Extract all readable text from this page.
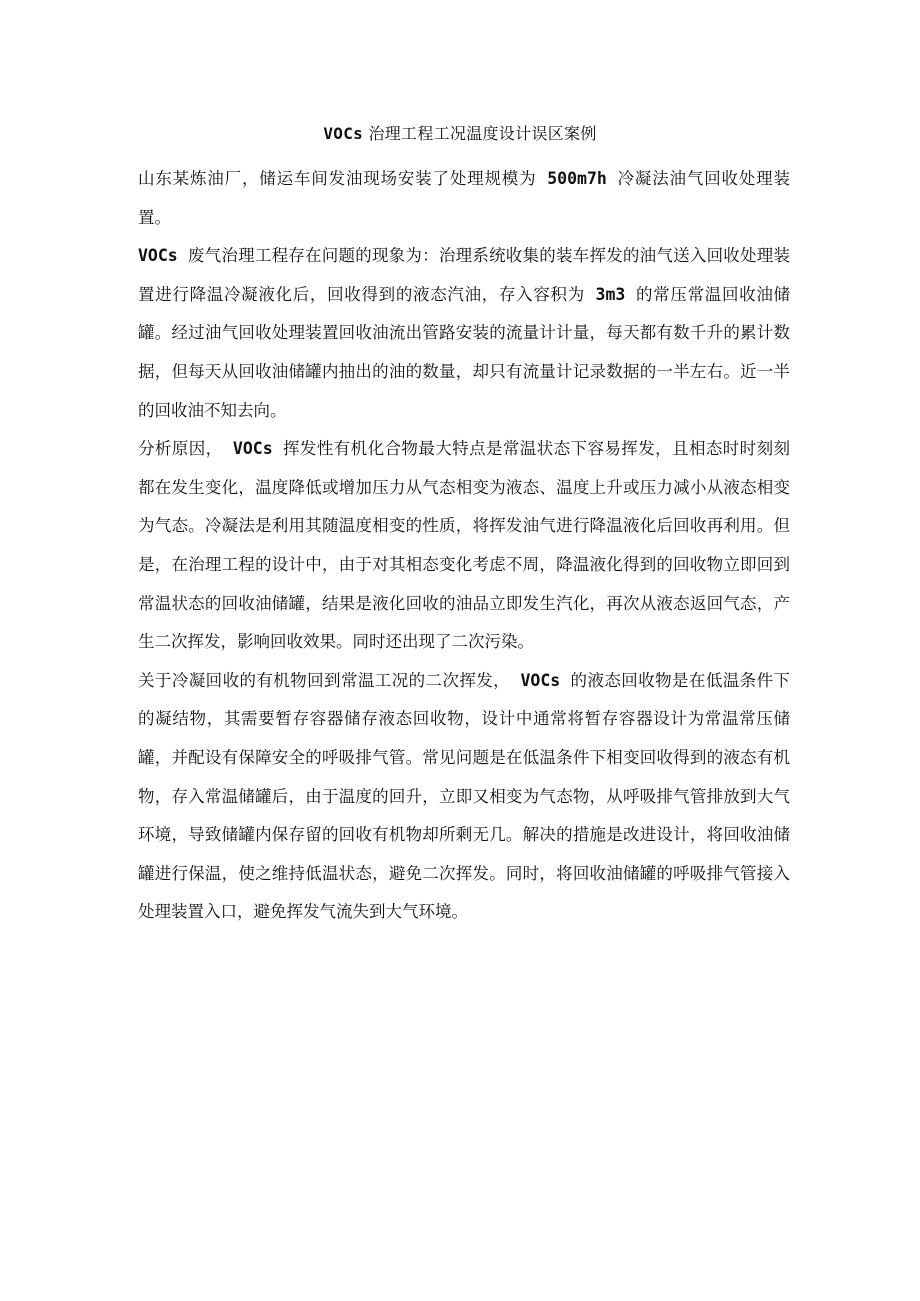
VOCs 治理工程工况温度设计误区案例

山东某炼油厂，储运车间发油现场安装了处理规模为 500m7h 冷凝法油气回收处理装置。

VOCs 废气治理工程存在问题的现象为：治理系统收集的装车挥发的油气送入回收处理装置进行降温冷凝液化后，回收得到的液态汽油，存入容积为 3m3 的常压常温回收油储罐。经过油气回收处理装置回收油流出管路安装的流量计计量，每天都有数千升的累计数据，但每天从回收油储罐内抽出的油的数量，却只有流量计记录数据的一半左右。近一半的回收油不知去向。

分析原因， VOCs 挥发性有机化合物最大特点是常温状态下容易挥发，且相态时时刻刻都在发生变化，温度降低或增加压力从气态相变为液态、温度上升或压力减小从液态相变为气态。冷凝法是利用其随温度相变的性质，将挥发油气进行降温液化后回收再利用。但是，在治理工程的设计中，由于对其相态变化考虑不周，降温液化得到的回收物立即回到常温状态的回收油储罐，结果是液化回收的油品立即发生汽化，再次从液态返回气态，产生二次挥发，影响回收效果。同时还出现了二次污染。

关于冷凝回收的有机物回到常温工况的二次挥发， VOCs 的液态回收物是在低温条件下的凝结物，其需要暂存容器储存液态回收物，设计中通常将暂存容器设计为常温常压储罐，并配设有保障安全的呼吸排气管。常见问题是在低温条件下相变回收得到的液态有机物，存入常温储罐后，由于温度的回升，立即又相变为气态物，从呼吸排气管排放到大气环境，导致储罐内保存留的回收有机物却所剩无几。解决的措施是改进设计，将回收油储罐进行保温，使之维持低温状态，避免二次挥发。同时，将回收油储罐的呼吸排气管接入处理装置入口，避免挥发气流失到大气环境。
